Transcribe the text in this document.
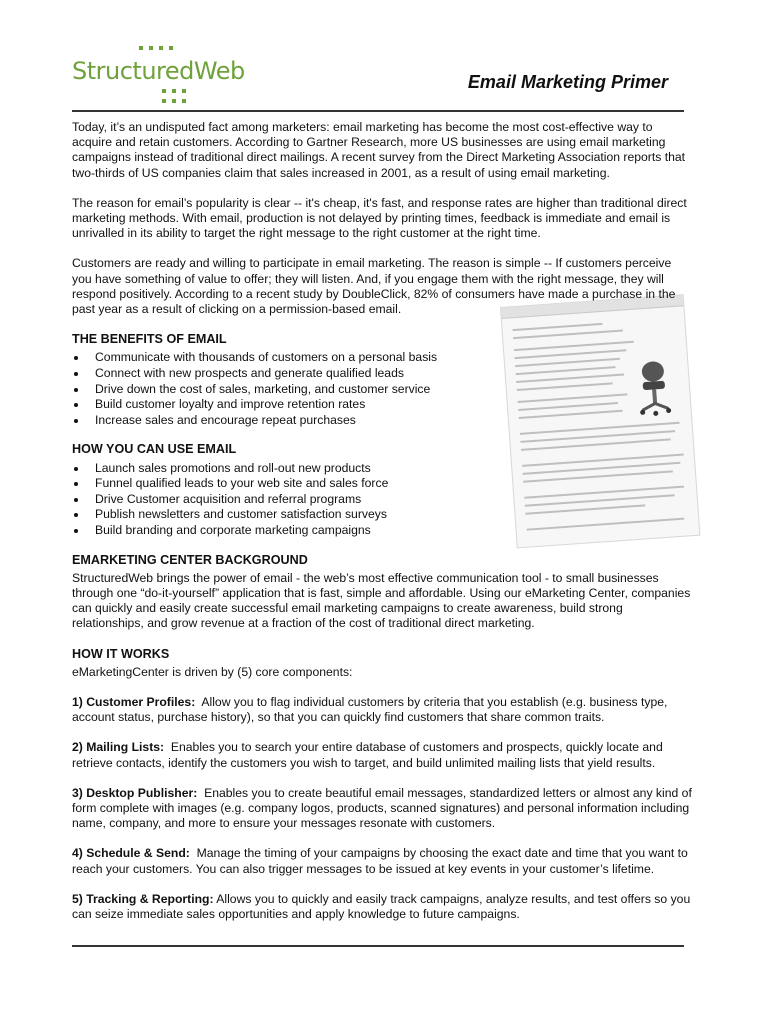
StructuredWeb	Email Marketing Primer

Today, it’s an undisputed fact among marketers: email marketing has become the most cost-effective way to acquire and retain customers. According to Gartner Research, more US businesses are using email marketing campaigns instead of traditional direct mailings. A recent survey from the Direct Marketing Association reports that two-thirds of US companies claim that sales increased in 2001, as a result of using email marketing.

The reason for email’s popularity is clear -- it's cheap, it's fast, and response rates are higher than traditional direct marketing methods. With email, production is not delayed by printing times, feedback is immediate and email is unrivalled in its ability to target the right message to the right customer at the right time.

Customers are ready and willing to participate in email marketing. The reason is simple -- If customers perceive you have something of value to offer; they will listen. And, if you engage them with the right message, they will respond positively. According to a recent study by DoubleClick, 82% of consumers have made a purchase in the past year as a result of clicking on a permission-based email.

THE BENEFITS OF EMAIL
Communicate with thousands of customers on a personal basis
Connect with new prospects and generate qualified leads
Drive down the cost of sales, marketing, and customer service
Build customer loyalty and improve retention rates
Increase sales and encourage repeat purchases
HOW YOU CAN USE EMAIL
Launch sales promotions and roll-out new products
Funnel qualified leads to your web site and sales force
Drive Customer acquisition and referral programs
Publish newsletters and customer satisfaction surveys
Build branding and corporate marketing campaigns
EMARKETING CENTER BACKGROUND

StructuredWeb brings the power of email - the web’s most effective communication tool - to small businesses through one “do-it-yourself” application that is fast, simple and affordable. Using our eMarketing Center, companies can quickly and easily create successful email marketing campaigns to create awareness, build strong relationships, and grow revenue at a fraction of the cost of traditional direct marketing.

HOW IT WORKS

eMarketingCenter is driven by (5) core components:

1) Customer Profiles: Allow you to flag individual customers by criteria that you establish (e.g. business type, account status, purchase history), so that you can quickly find customers that share common traits.

2) Mailing Lists: Enables you to search your entire database of customers and prospects, quickly locate and retrieve contacts, identify the customers you wish to target, and build unlimited mailing lists that yield results.

3) Desktop Publisher: Enables you to create beautiful email messages, standardized letters or almost any kind of form complete with images (e.g. company logos, products, scanned signatures) and personal information including name, company, and more to ensure your messages resonate with customers.

4) Schedule & Send: Manage the timing of your campaigns by choosing the exact date and time that you want to reach your customers. You can also trigger messages to be issued at key events in your customer’s lifetime.

5) Tracking & Reporting: Allows you to quickly and easily track campaigns, analyze results, and test offers so you can seize immediate sales opportunities and apply knowledge to future campaigns.
